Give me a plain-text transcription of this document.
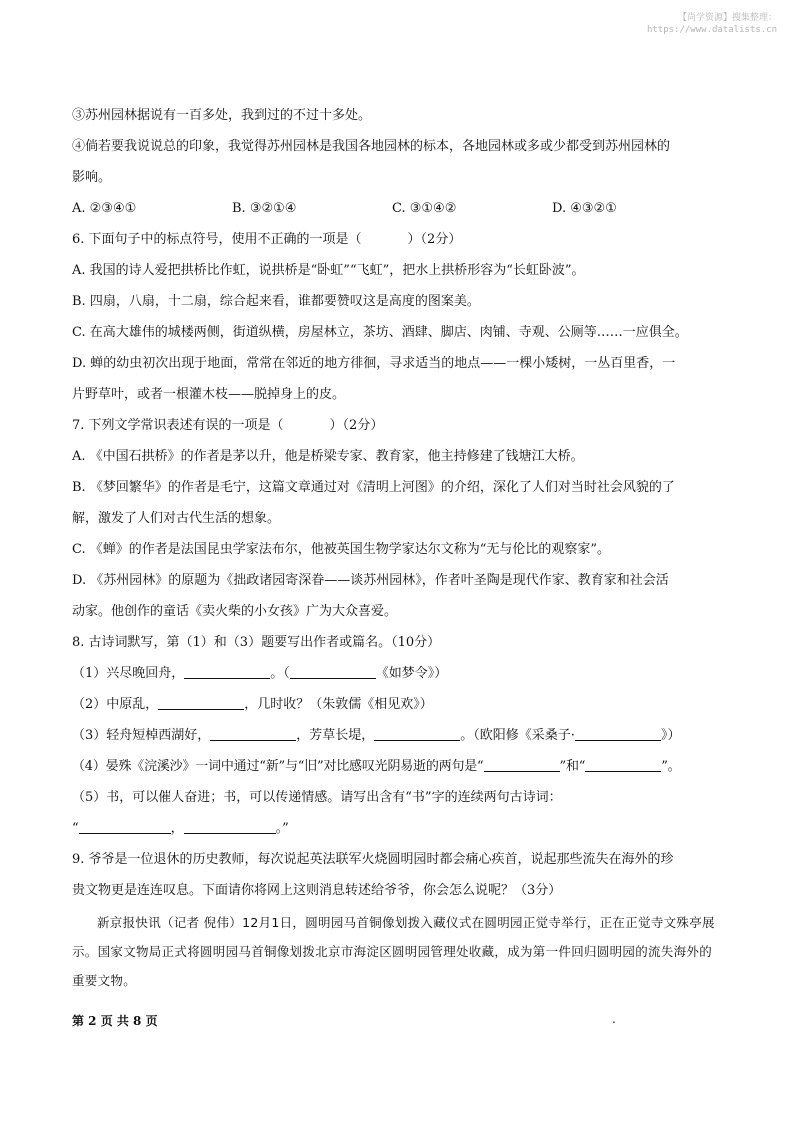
【尚学资源】搜集整理：
https://www.datalists.cn
③苏州园林据说有一百多处，我到过的不过十多处。
④倘若要我说说总的印象，我觉得苏州园林是我国各地园林的标本，各地园林或多或少都受到苏州园林的
影响。
A. ②③④①	B. ③②①④	C. ③①④②	D. ④③②①
6. 下面句子中的标点符号，使用不正确的一项是（	）（2分）
A. 我国的诗人爱把拱桥比作虹，说拱桥是“卧虹”“飞虹”，把水上拱桥形容为“长虹卧波”。
B. 四扇，八扇，十二扇，综合起来看，谁都要赞叹这是高度的图案美。
C. 在高大雄伟的城楼两侧，街道纵横，房屋林立，茶坊、酒肆、脚店、肉铺、寺观、公厕等……一应俱全。
D. 蝉的幼虫初次出现于地面，常常在邻近的地方徘徊，寻求适当的地点——一棵小矮树，一丛百里香，一
片野草叶，或者一根灌木枝——脱掉身上的皮。
7. 下列文学常识表述有误的一项是（	）（2分）
A. 《中国石拱桥》的作者是茅以升，他是桥梁专家、教育家，他主持修建了钱塘江大桥。
B. 《梦回繁华》的作者是毛宁，这篇文章通过对《清明上河图》的介绍，深化了人们对当时社会风貌的了
解，激发了人们对古代生活的想象。
C. 《蝉》的作者是法国昆虫学家法布尔，他被英国生物学家达尔文称为“无与伦比的观察家”。
D. 《苏州园林》的原题为《拙政诸园寄深眷——谈苏州园林》，作者叶圣陶是现代作家、教育家和社会活
动家。他创作的童话《卖火柴的小女孩》广为大众喜爱。
8. 古诗词默写，第（1）和（3）题要写出作者或篇名。（10分）
（1）兴尽晚回舟，	。（	《如梦令》）
（2）中原乱，	，几时收？（朱敦儒《相见欢》）
（3）轻舟短棹西湖好，	，芳草长堤，	。（欧阳修《采桑子·	》）
（4）晏殊《浣溪沙》一词中通过“新”与“旧”对比感叹光阴易逝的两句是“	”和“	”。
（5）书，可以催人奋进；书，可以传递情感。请写出含有“书”字的连续两句古诗词：
“	，	。”
9. 爷爷是一位退休的历史教师，每次说起英法联军火烧圆明园时都会痛心疾首，说起那些流失在海外的珍
贵文物更是连连叹息。下面请你将网上这则消息转述给爷爷，你会怎么说呢？（3分）
新京报快讯（记者 倪伟）12月1日，圆明园马首铜像划拨入藏仪式在圆明园正觉寺举行，正在正觉寺文殊亭展示。国家文物局正式将圆明园马首铜像划拨北京市海淀区圆明园管理处收藏，成为第一件回归圆明园的流失海外的重要文物。
第 2 页 共 8 页	.
